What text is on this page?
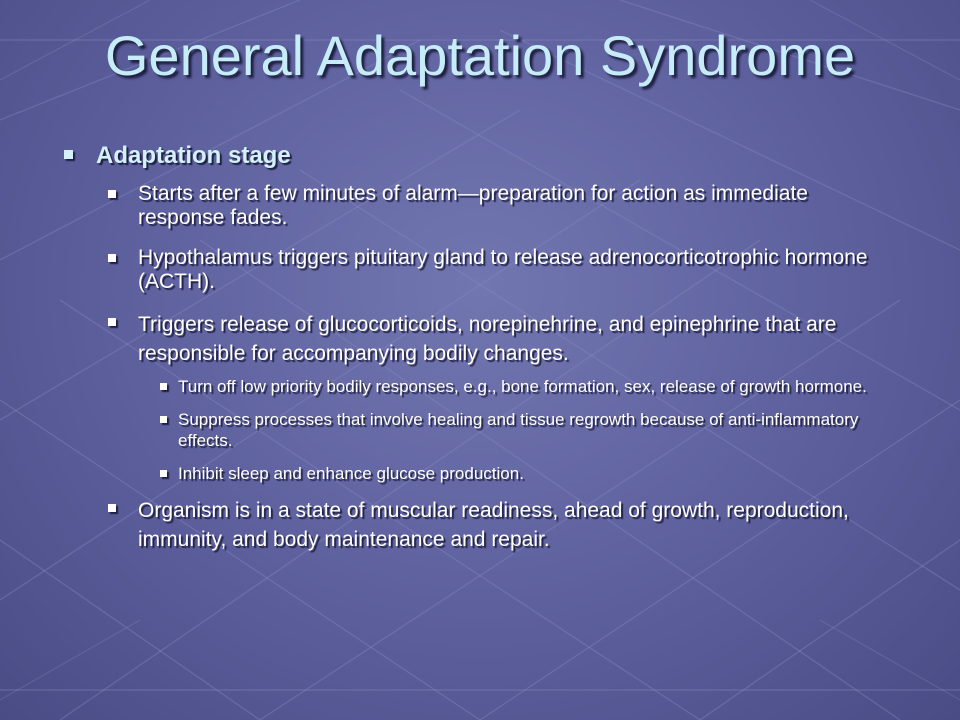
General Adaptation Syndrome
Adaptation stage
Starts after a few minutes of alarm—preparation for action as immediate response fades.
Hypothalamus triggers pituitary gland to release adrenocorticotrophic hormone (ACTH).
Triggers release of glucocorticoids, norepinehrine, and epinephrine that are responsible for accompanying bodily changes.
Turn off low priority bodily responses, e.g., bone formation, sex, release of growth hormone.
Suppress processes that involve healing and tissue regrowth because of anti-inflammatory effects.
Inhibit sleep and enhance glucose production.
Organism is in a state of muscular readiness, ahead of growth, reproduction, immunity, and body maintenance and repair.
